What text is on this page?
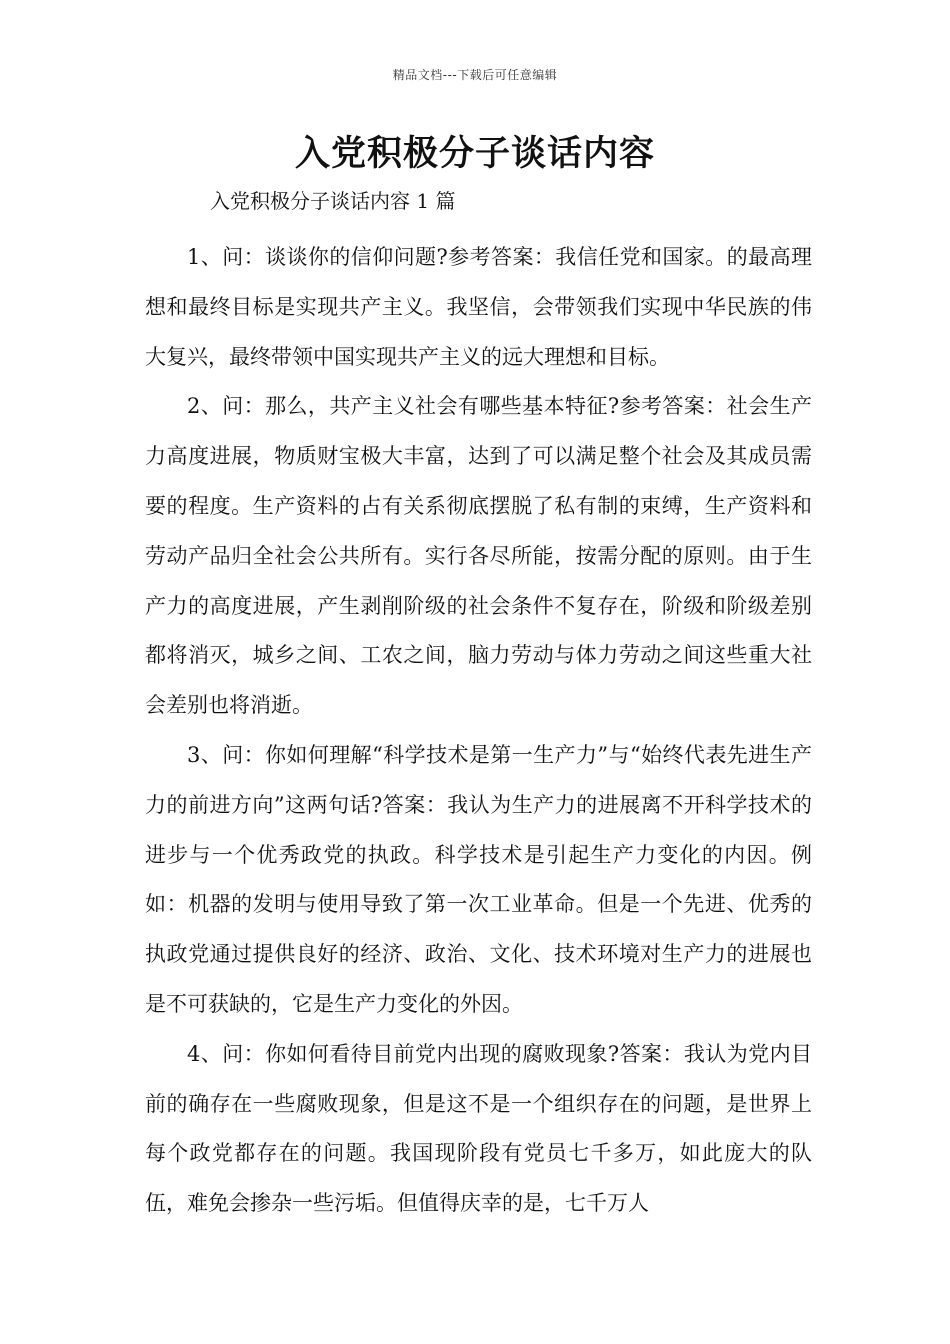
精品文档---下载后可任意编辑
入党积极分子谈话内容
入党积极分子谈话内容 1 篇

1、问：谈谈你的信仰问题?参考答案：我信任党和国家。的最高理想和最终目标是实现共产主义。我坚信，会带领我们实现中华民族的伟大复兴，最终带领中国实现共产主义的远大理想和目标。

2、问：那么，共产主义社会有哪些基本特征?参考答案：社会生产力高度进展，物质财宝极大丰富，达到了可以满足整个社会及其成员需要的程度。生产资料的占有关系彻底摆脱了私有制的束缚，生产资料和劳动产品归全社会公共所有。实行各尽所能，按需分配的原则。由于生产力的高度进展，产生剥削阶级的社会条件不复存在，阶级和阶级差别都将消灭，城乡之间、工农之间，脑力劳动与体力劳动之间这些重大社会差别也将消逝。

3、问：你如何理解“科学技术是第一生产力”与“始终代表先进生产力的前进方向”这两句话?答案：我认为生产力的进展离不开科学技术的进步与一个优秀政党的执政。科学技术是引起生产力变化的内因。例如：机器的发明与使用导致了第一次工业革命。但是一个先进、优秀的执政党通过提供良好的经济、政治、文化、技术环境对生产力的进展也是不可获缺的，它是生产力变化的外因。

4、问：你如何看待目前党内出现的腐败现象?答案：我认为党内目前的确存在一些腐败现象，但是这不是一个组织存在的问题，是世界上每个政党都存在的问题。我国现阶段有党员七千多万，如此庞大的队伍，难免会掺杂一些污垢。但值得庆幸的是，七千万人
